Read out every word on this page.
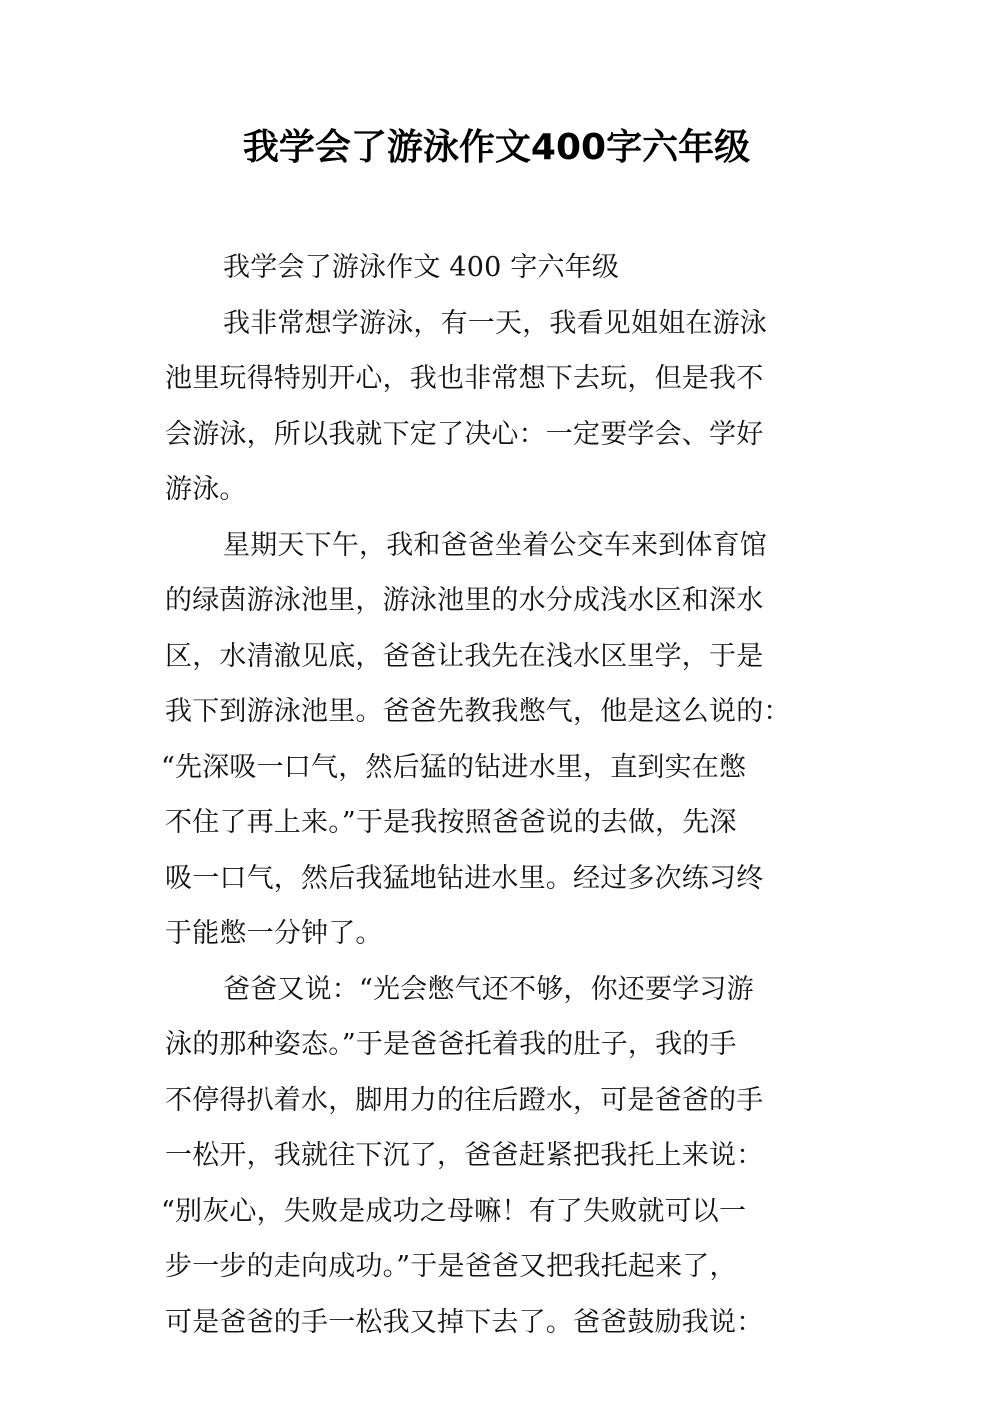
我学会了游泳作文400字六年级
我学会了游泳作文 400 字六年级
我非常想学游泳，有一天，我看见姐姐在游泳
池里玩得特别开心，我也非常想下去玩，但是我不
会游泳，所以我就下定了决心：一定要学会、学好
游泳。
星期天下午，我和爸爸坐着公交车来到体育馆
的绿茵游泳池里，游泳池里的水分成浅水区和深水
区，水清澈见底，爸爸让我先在浅水区里学，于是
我下到游泳池里。爸爸先教我憋气，他是这么说的：
“先深吸一口气，然后猛的钻进水里，直到实在憋
不住了再上来。”于是我按照爸爸说的去做，先深
吸一口气，然后我猛地钻进水里。经过多次练习终
于能憋一分钟了。
爸爸又说：“光会憋气还不够，你还要学习游
泳的那种姿态。”于是爸爸托着我的肚子，我的手
不停得扒着水，脚用力的往后蹬水，可是爸爸的手
一松开，我就往下沉了，爸爸赶紧把我托上来说：
“别灰心，失败是成功之母嘛！有了失败就可以一
步一步的走向成功。”于是爸爸又把我托起来了，
可是爸爸的手一松我又掉下去了。爸爸鼓励我说：
